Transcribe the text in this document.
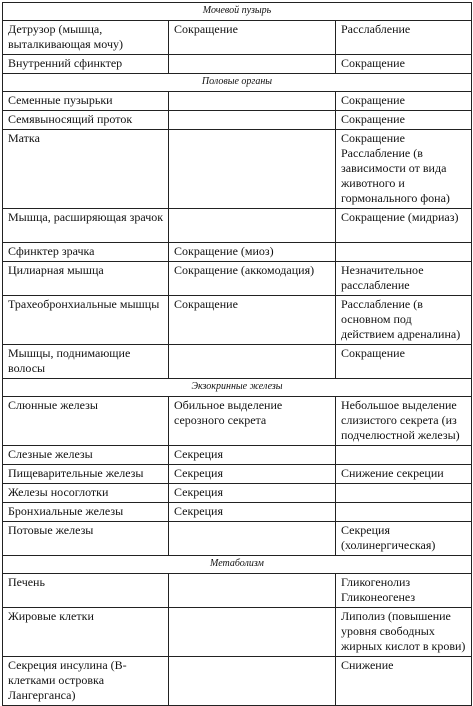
Мочевой пузырь		
Детрузор (мышца, выталкивающая мочу)	Сокращение	Расслабление
Внутренний сфинктер		Сокращение
Половые органы		
Семенные пузырьки		Сокращение
Семявыносящий проток		Сокращение
Матка		Сокращение Расслабление (в зависимости от вида животного и гормонального фона)
Мышца, расширяющая зрачок		Сокращение (мидриаз)
Сфинктер зрачка	Сокращение (миоз)	
Цилиарная мышца	Сокращение (аккомодация)	Незначительное расслабление
Трахеобронхиальные мышцы	Сокращение	Расслабление (в основном под действием адреналина)
Мышцы, поднимающие волосы		Сокращение
Экзокринные железы		
Слюнные железы	Обильное выделение серозного секрета	Небольшое выделение слизистого секрета (из подчелюстной железы)
Слезные железы	Секреция	
Пищеварительные железы	Секреция	Снижение секреции
Железы носоглотки	Секреция	
Бронхиальные железы	Секреция	
Потовые железы		Секреция (холинергическая)
Метаболизм		
Печень		Гликогенолиз Гликонеогенез
Жировые клетки		Липолиз (повышение уровня свободных жирных кислот в крови)
Секреция инсулина (В-клетками островка Лангерганса)		Снижение
